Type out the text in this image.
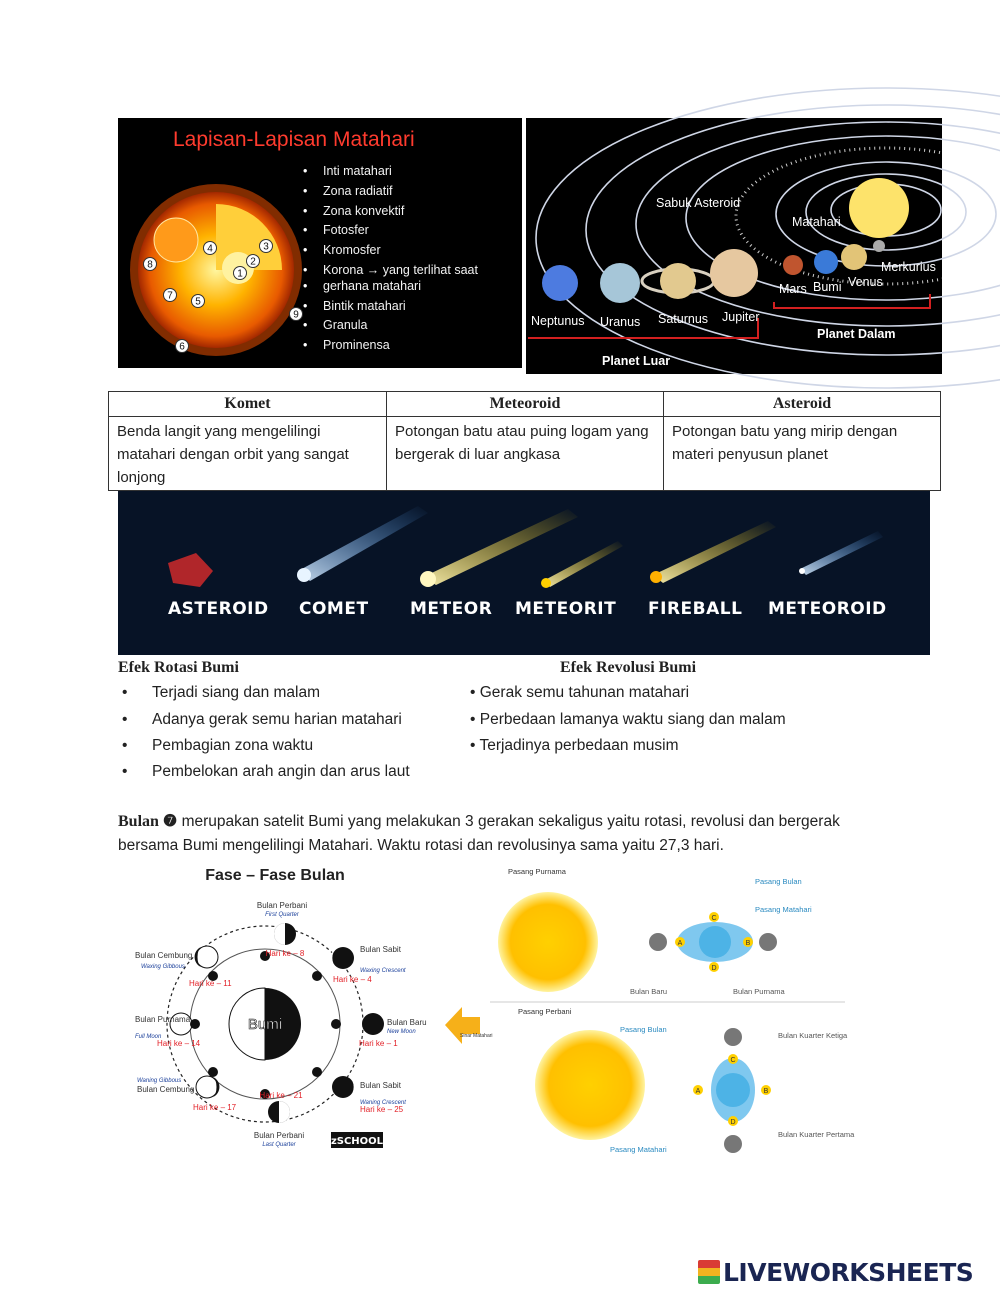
Lapisan-Lapisan Matahari
1
2
3
4
5
6
7
8
9
• Inti matahari
• Zona radiatif
• Zona konvektif
• Fotosfer
• Kromosfer
• Korona → yang terlihat saat
• gerhana matahari
• Bintik matahari
• Granula
• Prominensa
Sabuk Asteroid
Matahari
Neptunus Uranus Saturnus Jupiter
Mars Bumi Venus
Merkurius
Planet Luar
Planet Dalam
Komet	Meteoroid	Asteroid
Benda langit yang mengelilingi matahari dengan orbit yang sangat lonjong	Potongan batu atau puing logam yang bergerak di luar angkasa	Potongan batu yang mirip dengan materi penyusun planet
ASTEROID COMET METEOR METEORIT FIREBALL METEOROID
Efek Rotasi Bumi	Efek Revolusi Bumi
• Terjadi siang dan malam
• Adanya gerak semu harian matahari
• Pembagian zona waktu
• Pembelokan arah angin dan arus laut
• Gerak semu tahunan matahari
• Perbedaan lamanya waktu siang dan malam
• Terjadinya perbedaan musim
Bulan ❼ merupakan satelit Bumi yang melakukan 3 gerakan sekaligus yaitu rotasi, revolusi dan bergerak bersama Bumi mengelilingi Matahari. Waktu rotasi dan revolusinya sama yaitu 27,3 hari.
Fase – Fase Bulan
Bumi
Bulan Perbani
First Quarter
Hari ke – 8	Bulan Sabit
Waxing Crescent
Hari ke – 4
Bulan Baru
New Moon
Hari ke – 1
Bulan Sabit
Waning Crescent
Hari ke – 25
Bulan Perbani
Last Quarter
Hari ke – 21
Bulan Cembung
Waning Gibbous
Hari ke – 17
Bulan Purnama
Full Moon
Hari ke – 14
Bulan Cembung
Waxing Gibbous
Hari ke – 11
zSCHOOL
Pasang Purnama
Pasang Bulan
Pasang Matahari
Bulan Baru	Bulan Purnama
Pasang Perbani
Pasang Bulan
Bulan Kuarter Ketiga
Bulan Kuarter Pertama
Pasang Matahari
Sinar Matahari
A	B
C
D
A	B
C
D
LIVEWORKSHEETS
